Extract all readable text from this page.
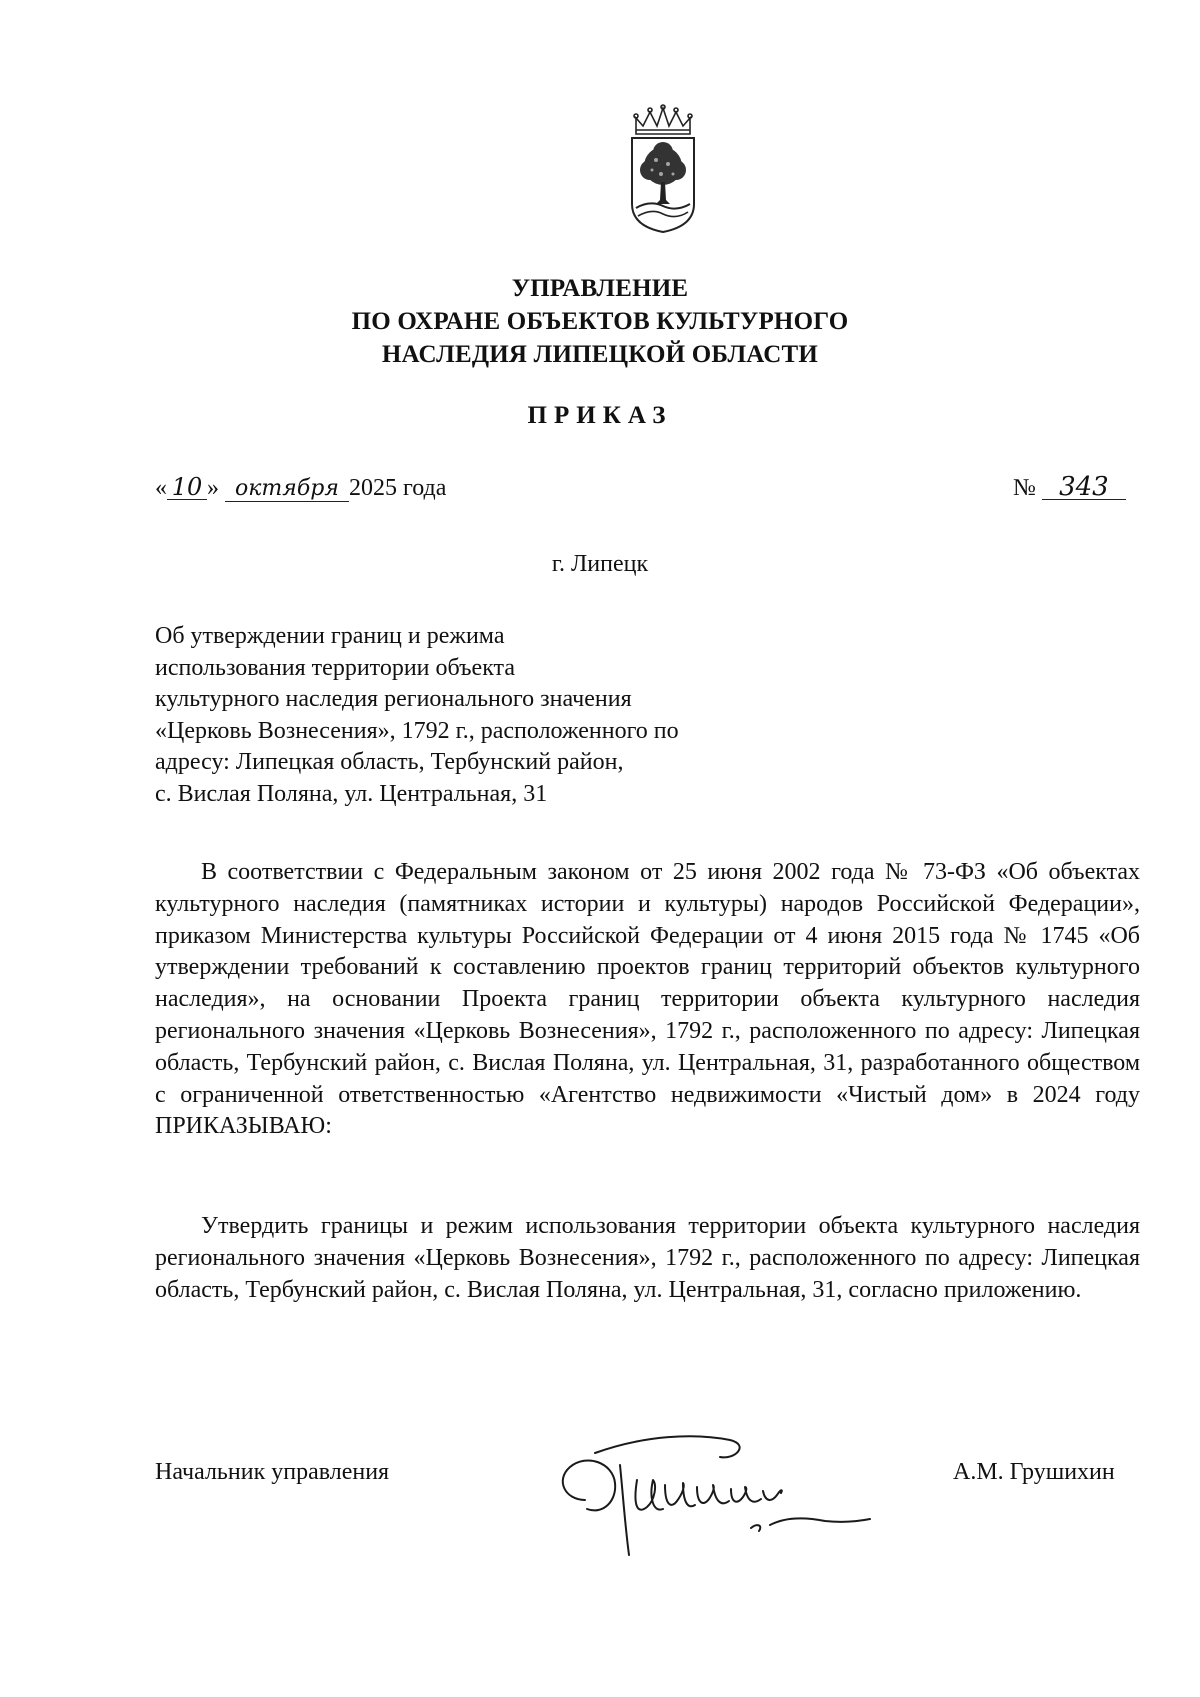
УПРАВЛЕНИЕ
ПО ОХРАНЕ ОБЪЕКТОВ КУЛЬТУРНОГО
НАСЛЕДИЯ ЛИПЕЦКОЙ ОБЛАСТИ
ПРИКАЗ
« 10 » октября 2025 года	№ 343
г. Липецк
Об утверждении границ и режима
использования территории объекта
культурного наследия регионального значения
«Церковь Вознесения», 1792 г., расположенного по
адресу: Липецкая область, Тербунский район,
с. Вислая Поляна, ул. Центральная, 31
В соответствии с Федеральным законом от 25 июня 2002 года № 73-ФЗ «Об объектах культурного наследия (памятниках истории и культуры) народов Российской Федерации», приказом Министерства культуры Российской Федерации от 4 июня 2015 года № 1745 «Об утверждении требований к составлению проектов границ территорий объектов культурного наследия», на основании Проекта границ территории объекта культурного наследия регионального значения «Церковь Вознесения», 1792 г., расположенного по адресу: Липецкая область, Тербунский район, с. Вислая Поляна, ул. Центральная, 31, разработанного обществом с ограниченной ответственностью «Агентство недвижимости «Чистый дом» в 2024 году ПРИКАЗЫВАЮ:
Утвердить границы и режим использования территории объекта культурного наследия регионального значения «Церковь Вознесения», 1792 г., расположенного по адресу: Липецкая область, Тербунский район, с. Вислая Поляна, ул. Центральная, 31, согласно приложению.
Начальник управления	А.М. Грушихин
